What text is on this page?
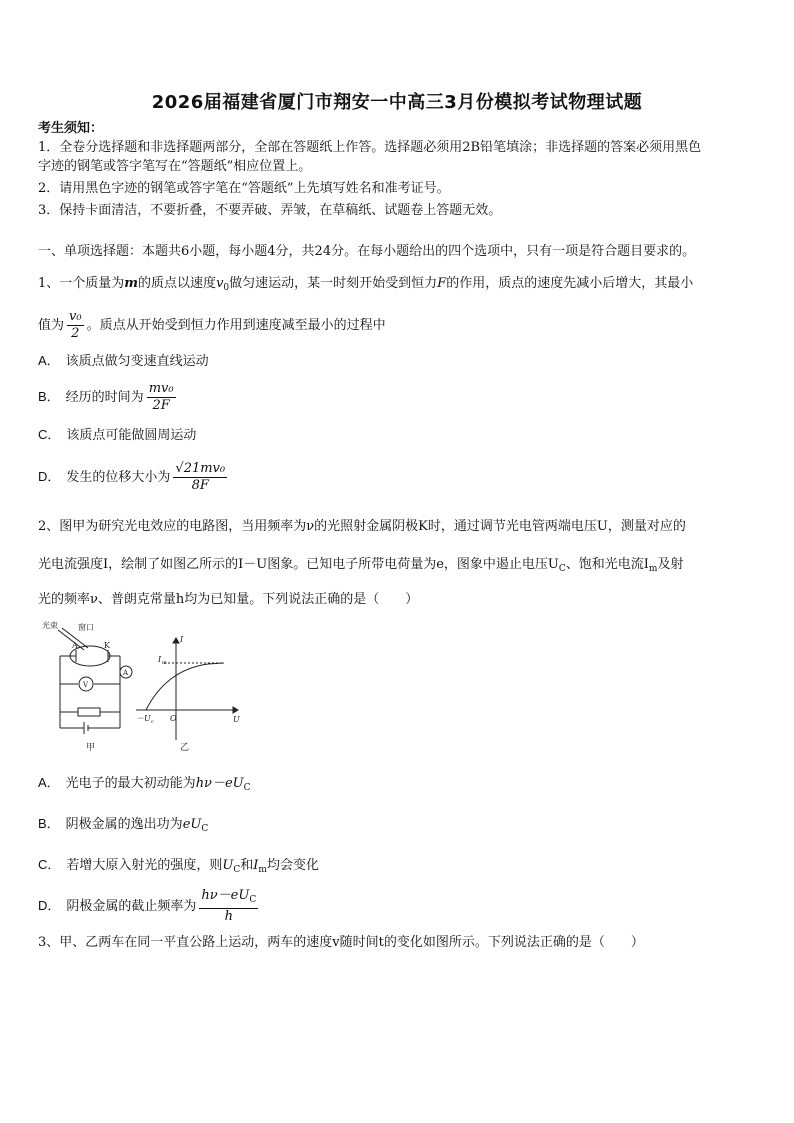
2026届福建省厦门市翔安一中高三3月份模拟考试物理试题
考生须知：
1．全卷分选择题和非选择题两部分，全部在答题纸上作答。选择题必须用2B铅笔填涂；非选择题的答案必须用黑色
字迹的钢笔或答字笔写在“答题纸”相应位置上。
2．请用黑色字迹的钢笔或答字笔在“答题纸”上先填写姓名和准考证号。
3．保持卡面清洁，不要折叠，不要弄破、弄皱，在草稿纸、试题卷上答题无效。
一、单项选择题：本题共6小题，每小题4分，共24分。在每小题给出的四个选项中，只有一项是符合题目要求的。
1、一个质量为m的质点以速度$v_0$做匀速运动，某一时刻开始受到恒力F的作用，质点的速度先减小后增大，其最小
值为 $\frac{\text{v₀}}{2}$ 。质点从开始受到恒力作用到速度减至最小的过程中
A． 该质点做匀变速直线运动
B． 经历的时间为 $\frac{\text{mv₀}}{2F}$
C． 该质点可能做圆周运动
D． 发生的位移大小为 $\frac{\text{√21mv₀}}{8F}$
2、图甲为研究光电效应的电路图，当用频率为ν的光照射金属阴极K时，通过调节光电管两端电压U，测量对应的
光电流强度I，绘制了如图乙所示的I－U图象。已知电子所带电荷量为e，图象中遏止电压$U_C$、饱和光电流$I_m$及射
光的频率ν、普朗克常量h均为已知量。下列说法正确的是（　　）
光束	窗口
A	K
V
A
甲	乙
I
U
I m
－U c O
A． 光电子的最大初动能为$h\nu-eU_C$
B． 阴极金属的逸出功为$eU_C$
C． 若增大原入射光的强度，则$U_C$和$I_m$均会变化
D． 阴极金属的截止频率为 $\frac{h\nu-eU_C}{h}$
3、甲、乙两车在同一平直公路上运动，两车的速度v随时间t的变化如图所示。下列说法正确的是（　　）
